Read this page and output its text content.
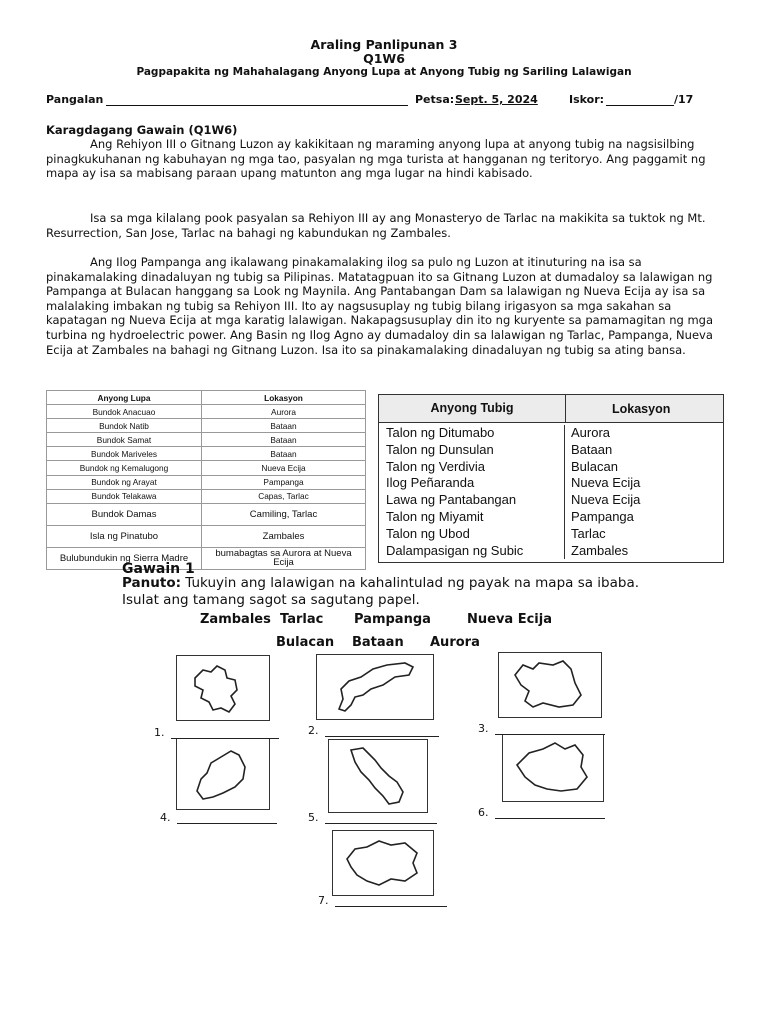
Araling Panlipunan 3
Q1W6
Pagpapakita ng Mahahalagang Anyong Lupa at Anyong Tubig ng Sariling Lalawigan
Pangalan	Petsa: Sept. 5, 2024	Iskor:	/17
Karagdagang Gawain (Q1W6)

Ang Rehiyon III o Gitnang Luzon ay kakikitaan ng maraming anyong lupa at anyong tubig na nagsisilbing pinagkukuhanan ng kabuhayan ng mga tao, pasyalan ng mga turista at hangganan ng teritoryo. Ang paggamit ng mapa ay isa sa mabisang paraan upang matunton ang mga lugar na hindi kabisado.

Isa sa mga kilalang pook pasyalan sa Rehiyon III ay ang Monasteryo de Tarlac na makikita sa tuktok ng Mt. Resurrection, San Jose, Tarlac na bahagi ng kabundukan ng Zambales.

Ang Ilog Pampanga ang ikalawang pinakamalaking ilog sa pulo ng Luzon at itinuturing na isa sa pinakamalaking dinadaluyan ng tubig sa Pilipinas. Matatagpuan ito sa Gitnang Luzon at dumadaloy sa lalawigan ng Pampanga at Bulacan hanggang sa Look ng Maynila. Ang Pantabangan Dam sa lalawigan ng Nueva Ecija ay isa sa malalaking imbakan ng tubig sa Rehiyon III. Ito ay nagsusuplay ng tubig bilang irigasyon sa mga sakahan sa kapatagan ng Nueva Ecija at mga karatig lalawigan. Nakapagsusuplay din ito ng kuryente sa pamamagitan ng mga turbina ng hydroelectric power. Ang Basin ng Ilog Agno ay dumadaloy din sa lalawigan ng Tarlac, Pampanga, Nueva Ecija at Zambales na bahagi ng Gitnang Luzon. Isa ito sa pinakamalaking dinadaluyan ng tubig sa ating bansa.

Anyong Lupa	Lokasyon
Bundok Anacuao	Aurora
Bundok Natib	Bataan
Bundok Samat	Bataan
Bundok Mariveles	Bataan
Bundok ng Kemalugong	Nueva Ecija
Bundok ng Arayat	Pampanga
Bundok Telakawa	Capas, Tarlac
Bundok Damas	Camiling, Tarlac
Isla ng Pinatubo	Zambales
Bulubundukin ng Sierra Madre	bumabagtas sa Aurora at Nueva Ecija
Anyong Tubig	Lokasyon
Talon ng Ditumabo	Aurora
Talon ng Dunsulan	Bataan
Talon ng Verdivia	Bulacan
Ilog Peñaranda	Nueva Ecija
Lawa ng Pantabangan	Nueva Ecija
Talon ng Miyamit	Pampanga
Talon ng Ubod	Tarlac
Dalampasigan ng Subic	Zambales
Gawain 1
Panuto: Tukuyin ang lalawigan na kahalintulad ng payak na mapa sa ibaba. Isulat ang tamang sagot sa sagutang papel.
Zambales Tarlac Pampanga	Nueva Ecija
Bulacan Bataan Aurora
1.	2.	3.
4.	5.	6.
7.
